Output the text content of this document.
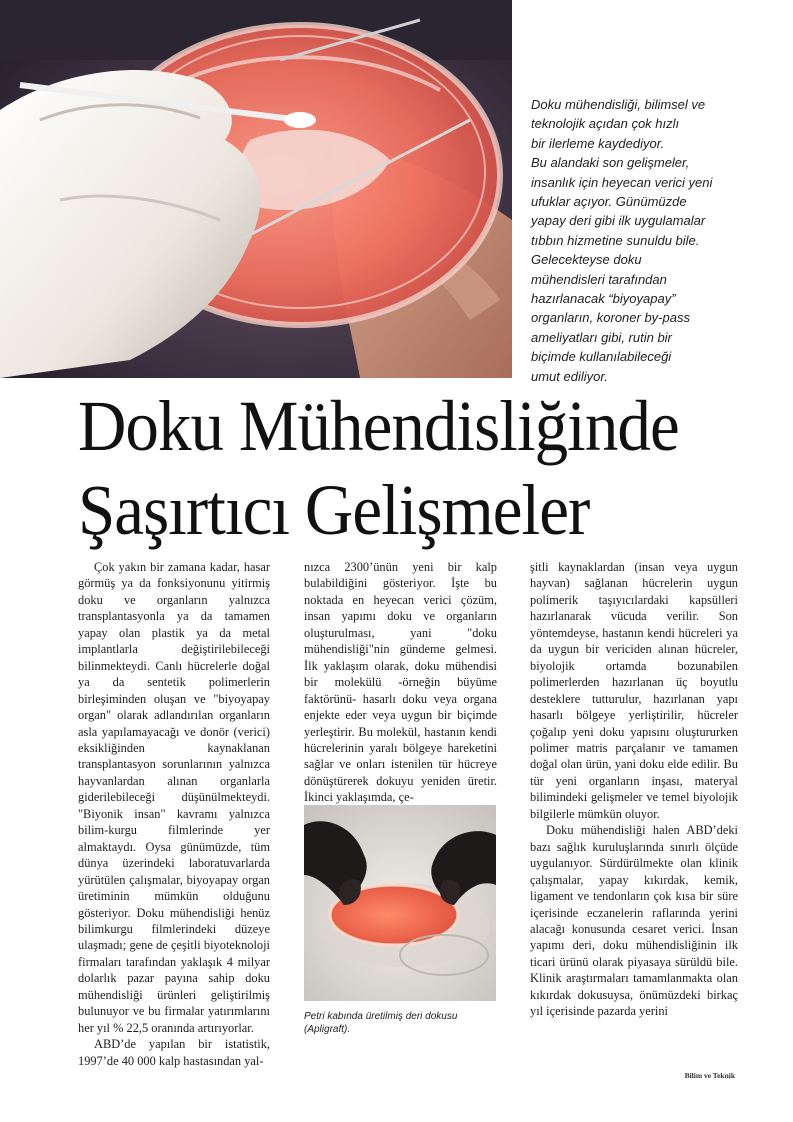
Doku mühendisliği, bilimsel ve

teknolojik açıdan çok hızlı

bir ilerleme kaydediyor.

Bu alandaki son gelişmeler,

insanlık için heyecan verici yeni

ufuklar açıyor. Günümüzde

yapay deri gibi ilk uygulamalar

tıbbın hizmetine sunuldu bile.

Gelecekteyse doku

mühendisleri tarafından

hazırlanacak “biyoyapay”

organların, koroner by-pass

ameliyatları gibi, rutin bir

biçimde kullanılabileceği

umut ediliyor.

Doku Mühendisliğinde
Şaşırtıcı Gelişmeler

Çok yakın bir zamana kadar, hasar görmüş ya da fonksiyonunu yitirmiş doku ve organların yalnızca transplantasyonla ya da tamamen yapay olan plastik ya da metal implantlarla değiştirilebileceği bilinmekteydi. Canlı hücrelerle doğal ya da sentetik polimerlerin birleşiminden oluşan ve "biyoyapay organ" olarak adlandırılan organların asla yapılamayacağı ve donör (verici) eksikliğinden kaynaklanan transplantasyon sorunlarının yalnızca hayvanlardan alınan organlarla giderilebileceği düşünülmekteydi. "Biyonik insan" kavramı yalnızca bilim-kurgu filmlerinde yer almaktaydı. Oysa günümüzde, tüm dünya üzerindeki laboratuvarlarda yürütülen çalışmalar, biyoyapay organ üretiminin mümkün olduğunu gösteriyor. Doku mühendisliği henüz bilimkurgu filmlerindeki düzeye ulaşmadı; gene de çeşitli biyoteknoloji firmaları tarafından yaklaşık 4 milyar dolarlık pazar payına sahip doku mühendisliği ürünleri geliştirilmiş bulunuyor ve bu firmalar yatırımlarını her yıl % 22,5 oranında artırıyorlar.

ABD’de yapılan bir istatistik, 1997’de 40 000 kalp hastasından yal-

nızca 2300’ünün yeni bir kalp bulabildiğini gösteriyor. İşte bu noktada en heyecan verici çözüm, insan yapımı doku ve organların oluşturulması, yani "doku mühendisliği"nin gündeme gelmesi. İlk yaklaşım olarak, doku mühendisi bir molekülü -örneğin büyüme faktörünü- hasarlı doku veya organa enjekte eder veya uygun bir biçimde yerleştirir. Bu molekül, hastanın kendi hücrelerinin yaralı bölgeye hareketini sağlar ve onları istenilen tür hücreye dönüştürerek dokuyu yeniden üretir. İkinci yaklaşımda, çe-

Petri kabında üretilmiş deri dokusu (Apligraft).

şitli kaynaklardan (insan veya uygun hayvan) sağlanan hücrelerin uygun polimerik taşıyıcılardaki kapsülleri hazırlanarak vücuda verilir. Son yöntemdeyse, hastanın kendi hücreleri ya da uygun bir vericiden alınan hücreler, biyolojik ortamda bozunabilen polimerlerden hazırlanan üç boyutlu desteklere tutturulur, hazırlanan yapı hasarlı bölgeye yerliştirilir, hücreler çoğalıp yeni doku yapısını oluştururken polimer matris parçalanır ve tamamen doğal olan ürün, yani doku elde edilir. Bu tür yeni organların inşası, materyal bilimindeki gelişmeler ve temel biyolojik bilgilerle mümkün oluyor.

Doku mühendisliği halen ABD’deki bazı sağlık kuruluşlarında sınırlı ölçüde uygulanıyor. Sürdürülmekte olan klinik çalışmalar, yapay kıkırdak, kemik, ligament ve tendonların çok kısa bir süre içerisinde eczanelerin raflarında yerini alacağı konusunda cesaret verici. İnsan yapımı deri, doku mühendisliğinin ilk ticari ürünü olarak piyasaya sürüldü bile. Klinik araştırmaları tamamlanmakta olan kıkırdak dokusuysa, önümüzdeki birkaç yıl içerisinde pazarda yerini

Bilim ve Teknik
